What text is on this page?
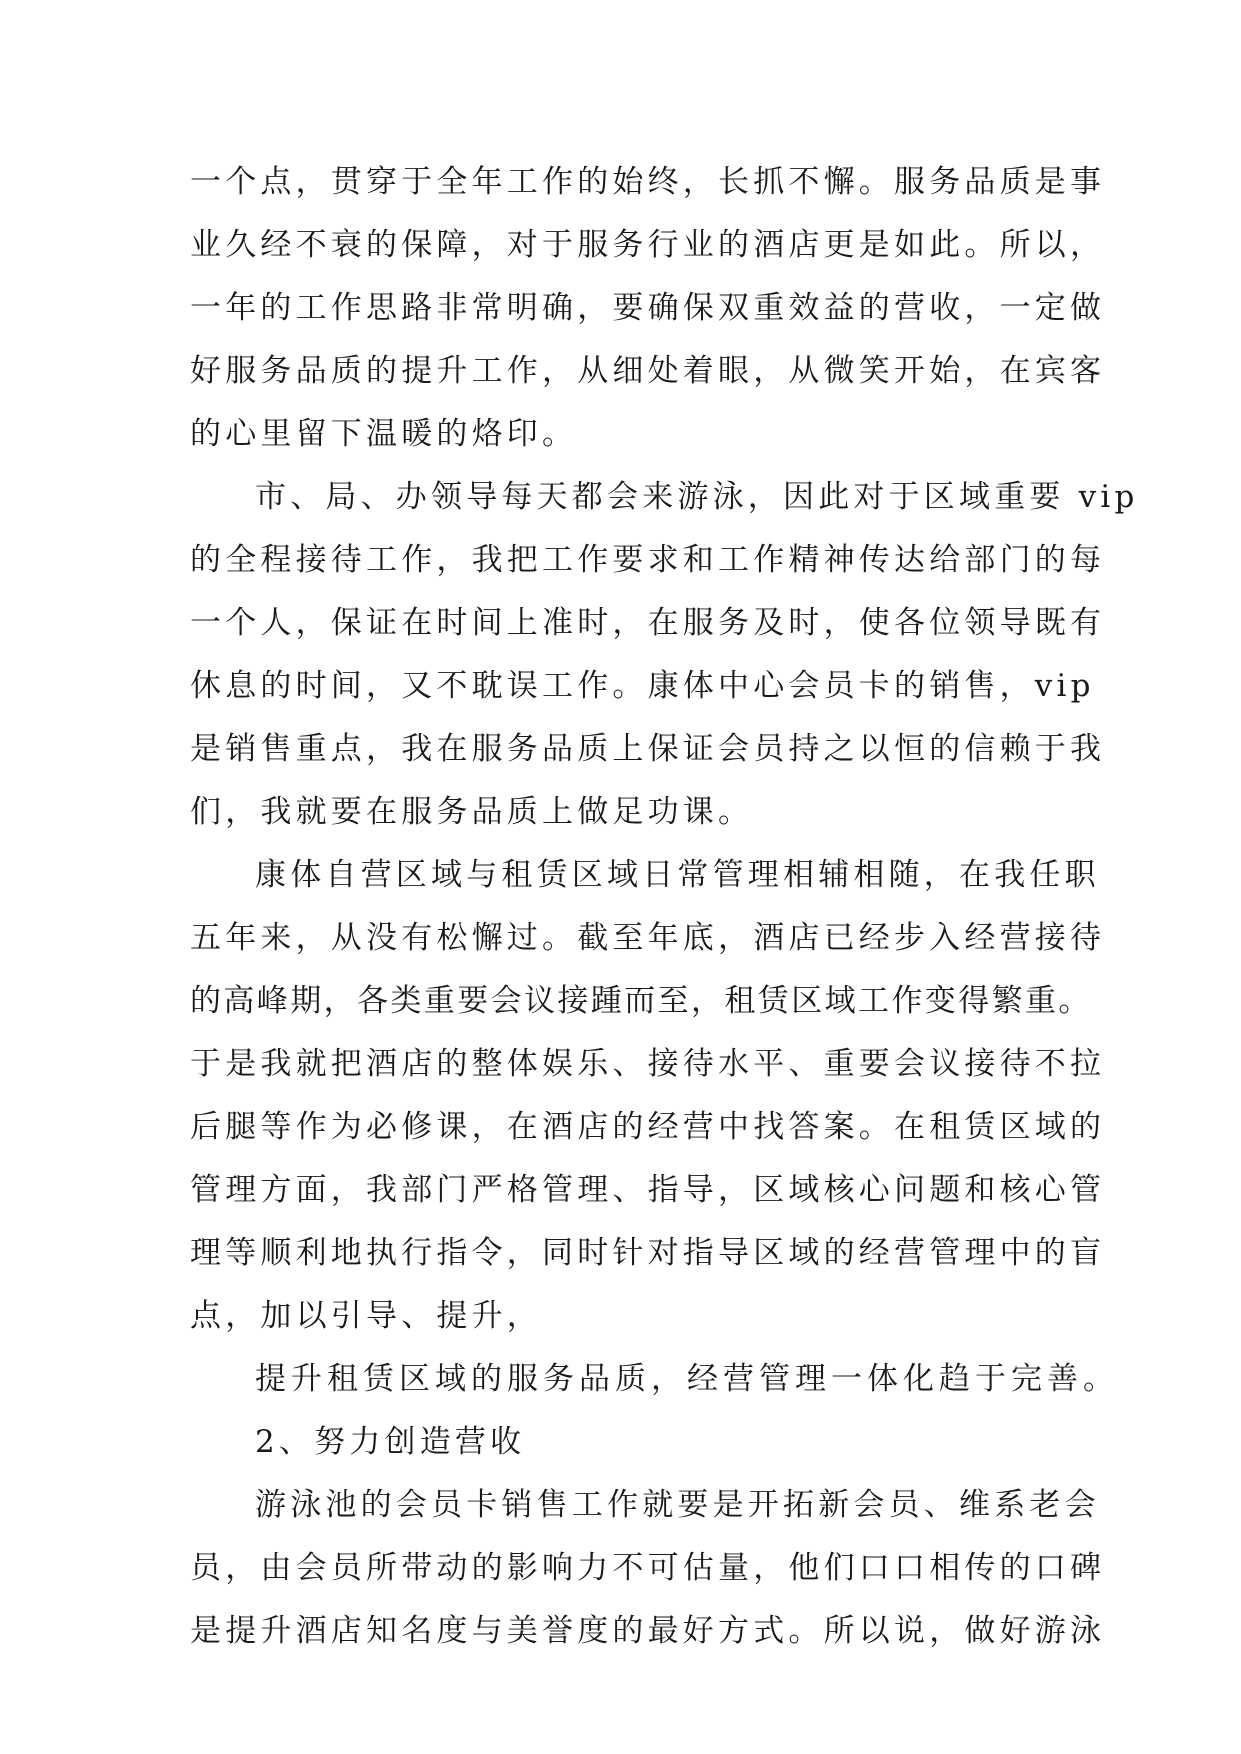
一个点，贯穿于全年工作的始终，长抓不懈。服务品质是事
业久经不衰的保障，对于服务行业的酒店更是如此。所以，
一年的工作思路非常明确，要确保双重效益的营收，一定做
好服务品质的提升工作，从细处着眼，从微笑开始，在宾客
的心里留下温暖的烙印。
市、局、办领导每天都会来游泳，因此对于区域重要 vip
的全程接待工作，我把工作要求和工作精神传达给部门的每
一个人，保证在时间上准时，在服务及时，使各位领导既有
休息的时间，又不耽误工作。康体中心会员卡的销售，vip
是销售重点，我在服务品质上保证会员持之以恒的信赖于我
们，我就要在服务品质上做足功课。
康体自营区域与租赁区域日常管理相辅相随，在我任职
五年来，从没有松懈过。截至年底，酒店已经步入经营接待
的高峰期，各类重要会议接踵而至，租赁区域工作变得繁重。
于是我就把酒店的整体娱乐、接待水平、重要会议接待不拉
后腿等作为必修课，在酒店的经营中找答案。在租赁区域的
管理方面，我部门严格管理、指导，区域核心问题和核心管
理等顺利地执行指令，同时针对指导区域的经营管理中的盲
点，加以引导、提升，
提升租赁区域的服务品质，经营管理一体化趋于完善。
2、努力创造营收
游泳池的会员卡销售工作就要是开拓新会员、维系老会
员，由会员所带动的影响力不可估量，他们口口相传的口碑
是提升酒店知名度与美誉度的最好方式。所以说，做好游泳
